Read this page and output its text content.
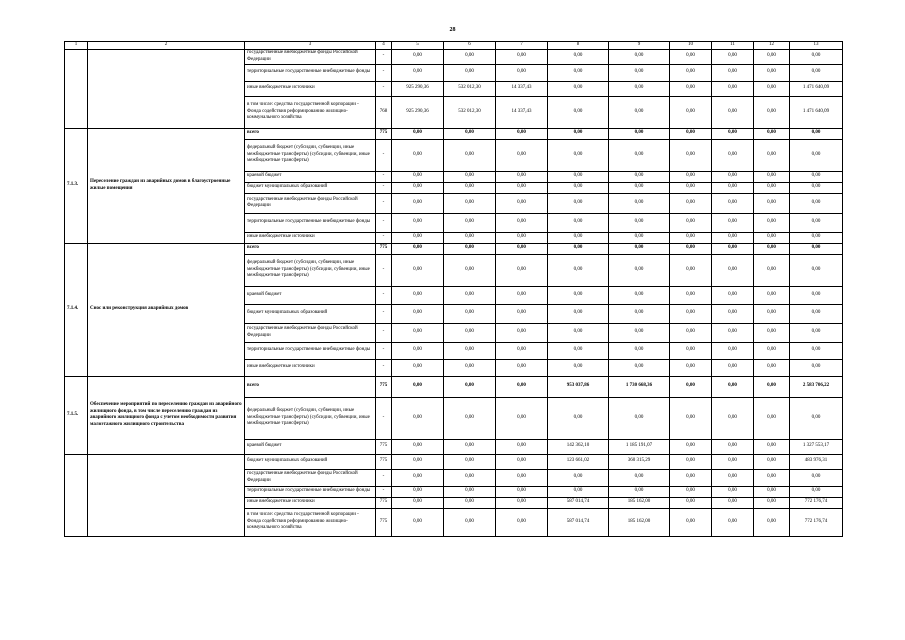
28
1	2	3	4	5	6	7	8	9	10	11	12	13
		государственные внебюджетные фонды Российской Федерации	-	0,00	0,00	0,00	0,00	0,00	0,00	0,00	0,00	0,00
		территориальные государственные внебюджетные фонды	-	0,00	0,00	0,00	0,00	0,00	0,00	0,00	0,00	0,00
		иные внебюджетные источники	-	925 290,36	532 012,30	14 337,43	0,00	0,00	0,00	0,00	0,00	1 471 640,09
		в том числе: средства государственной корпорации - Фонда содействия реформированию жилищно-коммунального хозяйства	768	925 290,36	532 012,30	14 337,43	0,00	0,00	0,00	0,00	0,00	1 471 640,09
7.1.3.	Переселение граждан из аварийных домов в благоустроенные жилые помещения	всего	775	0,00	0,00	0,00	0,00	0,00	0,00	0,00	0,00	0,00
		федеральный бюджет (субсидии, субвенции, иные межбюджетные трансферты) (субсидии, субвенции, иные межбюджетные трансферты)	-	0,00	0,00	0,00	0,00	0,00	0,00	0,00	0,00	0,00
		краевой бюджет	-	0,00	0,00	0,00	0,00	0,00	0,00	0,00	0,00	0,00
		бюджет муниципальных образований	-	0,00	0,00	0,00	0,00	0,00	0,00	0,00	0,00	0,00
		государственные внебюджетные фонды Российской Федерации	-	0,00	0,00	0,00	0,00	0,00	0,00	0,00	0,00	0,00
		территориальные государственные внебюджетные фонды	-	0,00	0,00	0,00	0,00	0,00	0,00	0,00	0,00	0,00
		иные внебюджетные источники	-	0,00	0,00	0,00	0,00	0,00	0,00	0,00	0,00	0,00
7.1.4.	Снос или реконструкция аварийных домов	всего	775	0,00	0,00	0,00	0,00	0,00	0,00	0,00	0,00	0,00
		федеральный бюджет (субсидии, субвенции, иные межбюджетные трансферты) (субсидии, субвенции, иные межбюджетные трансферты)	-	0,00	0,00	0,00	0,00	0,00	0,00	0,00	0,00	0,00
		краевой бюджет	-	0,00	0,00	0,00	0,00	0,00	0,00	0,00	0,00	0,00
		бюджет муниципальных образований	-	0,00	0,00	0,00	0,00	0,00	0,00	0,00	0,00	0,00
		государственные внебюджетные фонды Российской Федерации	-	0,00	0,00	0,00	0,00	0,00	0,00	0,00	0,00	0,00
		территориальные государственные внебюджетные фонды	-	0,00	0,00	0,00	0,00	0,00	0,00	0,00	0,00	0,00
		иные внебюджетные источники	-	0,00	0,00	0,00	0,00	0,00	0,00	0,00	0,00	0,00
7.1.5.	Обеспечение мероприятий по переселению граждан из аварийного жилищного фонда, в том числе переселению граждан из аварийного жилищного фонда с учетом необходимости развития малоэтажного жилищного строительства	всего	775	0,00	0,00	0,00	953 037,86	1 730 668,36	0,00	0,00	0,00	2 583 706,22
		федеральный бюджет (субсидии, субвенции, иные межбюджетные трансферты) (субсидии, субвенции, иные межбюджетные трансферты)	-	0,00	0,00	0,00	0,00	0,00	0,00	0,00	0,00	0,00
		краевой бюджет	775	0,00	0,00	0,00	142 362,10	1 185 191,07	0,00	0,00	0,00	1 327 553,17
		бюджет муниципальных образований	775	0,00	0,00	0,00	123 661,02	360 315,29	0,00	0,00	0,00	483 976,31
		государственные внебюджетные фонды Российской Федерации	-	0,00	0,00	0,00	0,00	0,00	0,00	0,00	0,00	0,00
		территориальные государственные внебюджетные фонды	-	0,00	0,00	0,00	0,00	0,00	0,00	0,00	0,00	0,00
		иные внебюджетные источники	775	0,00	0,00	0,00	587 014,74	185 162,00	0,00	0,00	0,00	772 176,74
		в том числе: средства государственной корпорации - Фонда содействия реформированию жилищно-коммунального хозяйства	775	0,00	0,00	0,00	587 014,74	185 162,00	0,00	0,00	0,00	772 176,74
